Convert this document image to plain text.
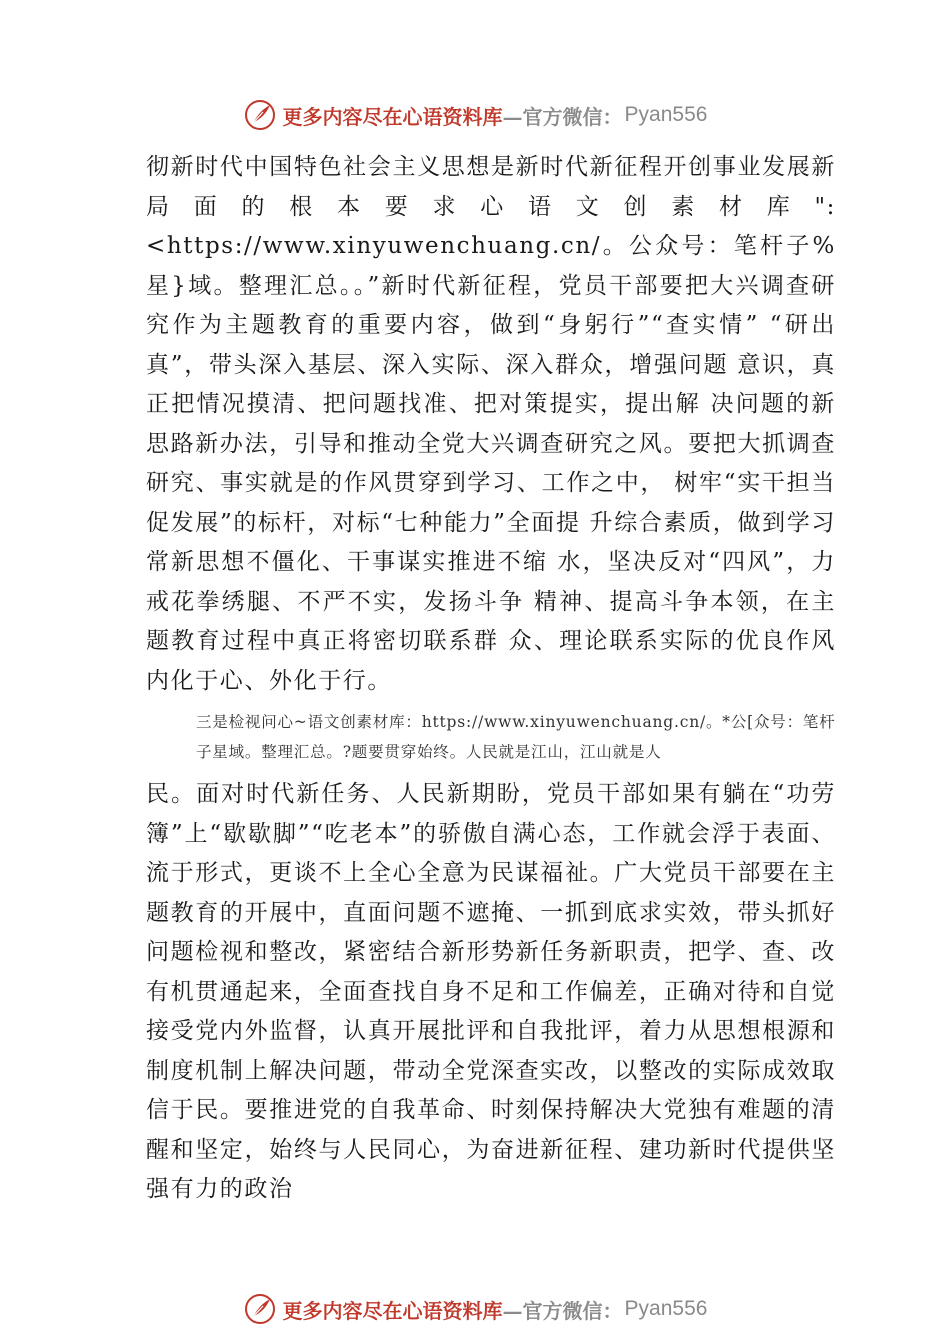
更多内容尽在心语资料库 —官方微信： Pyan556

彻新时代中国特色社会主义思想是新时代新征程开创事业发展新局面的根本要求心语文创素材库":<https://www.xinyuwenchuang.cn/。公众号：笔杆子%星}域。整理汇总。。”新时代新征程，党员干部要把大兴调查研究作为主题教育的重要内容，做到“身躬行”“查实情” “研出真”，带头深入基层、深入实际、深入群众，增强问题 意识，真正把情况摸清、把问题找准、把对策提实，提出解 决问题的新思路新办法，引导和推动全党大兴调查研究之风。要把大抓调查研究、事实就是的作风贯穿到学习、工作之中， 树牢“实干担当促发展”的标杆，对标“七种能力”全面提 升综合素质，做到学习常新思想不僵化、干事谋实推进不缩 水，坚决反对“四风”，力戒花拳绣腿、不严不实，发扬斗争 精神、提高斗争本领，在主题教育过程中真正将密切联系群 众、理论联系实际的优良作风内化于心、外化于行。

三是检视问心~语文创素材库：https://www.xinyuwenchuang.cn/。*公[众号：笔杆子星域。整理汇总。?题要贯穿始终。人民就是江山，江山就是人

民。面对时代新任务、人民新期盼，党员干部如果有躺在“功劳簿”上“歇歇脚”“吃老本”的骄傲自满心态，工作就会浮于表面、流于形式，更谈不上全心全意为民谋福祉。广大党员干部要在主题教育的开展中，直面问题不遮掩、一抓到底求实效，带头抓好问题检视和整改，紧密结合新形势新任务新职责，把学、查、改有机贯通起来，全面查找自身不足和工作偏差，正确对待和自觉接受党内外监督，认真开展批评和自我批评，着力从思想根源和制度机制上解决问题，带动全党深查实改，以整改的实际成效取信于民。要推进党的自我革命、时刻保持解决大党独有难题的清醒和坚定，始终与人民同心，为奋进新征程、建功新时代提供坚强有力的政治

更多内容尽在心语资料库 —官方微信： Pyan556
